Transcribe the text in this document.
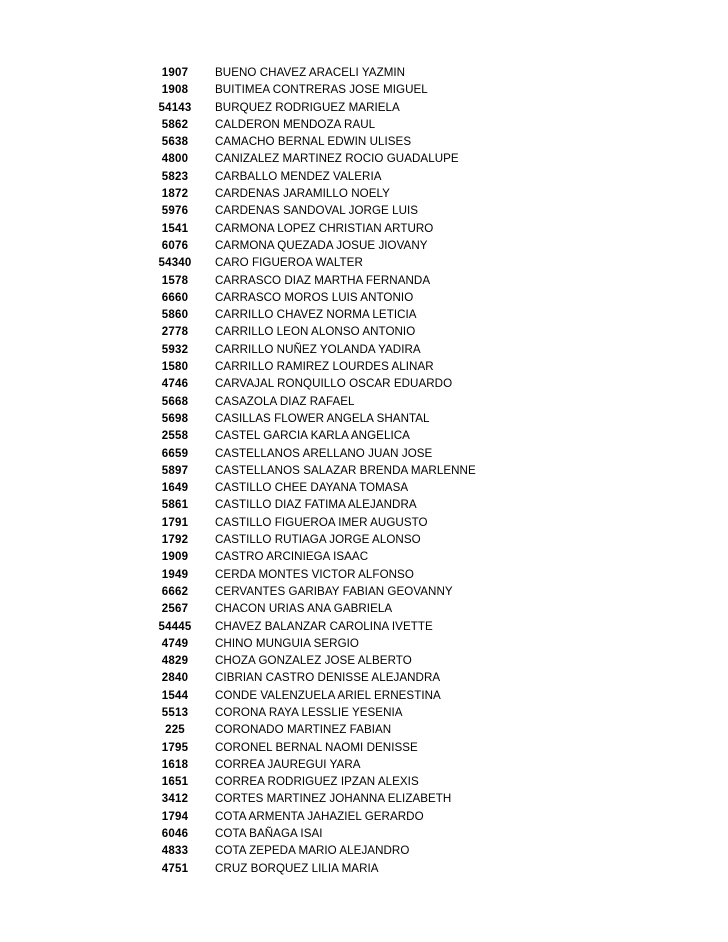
1907	BUENO CHAVEZ ARACELI YAZMIN
1908	BUITIMEA CONTRERAS JOSE MIGUEL
54143	BURQUEZ RODRIGUEZ MARIELA
5862	CALDERON MENDOZA RAUL
5638	CAMACHO BERNAL EDWIN ULISES
4800	CANIZALEZ MARTINEZ ROCIO GUADALUPE
5823	CARBALLO MENDEZ VALERIA
1872	CARDENAS JARAMILLO NOELY
5976	CARDENAS SANDOVAL JORGE LUIS
1541	CARMONA LOPEZ CHRISTIAN ARTURO
6076	CARMONA QUEZADA JOSUE JIOVANY
54340	CARO FIGUEROA WALTER
1578	CARRASCO DIAZ MARTHA FERNANDA
6660	CARRASCO MOROS LUIS ANTONIO
5860	CARRILLO CHAVEZ NORMA LETICIA
2778	CARRILLO LEON ALONSO ANTONIO
5932	CARRILLO NUÑEZ YOLANDA YADIRA
1580	CARRILLO RAMIREZ LOURDES ALINAR
4746	CARVAJAL RONQUILLO OSCAR EDUARDO
5668	CASAZOLA DIAZ RAFAEL
5698	CASILLAS FLOWER ANGELA SHANTAL
2558	CASTEL GARCIA KARLA ANGELICA
6659	CASTELLANOS ARELLANO JUAN JOSE
5897	CASTELLANOS SALAZAR BRENDA MARLENNE
1649	CASTILLO CHEE DAYANA TOMASA
5861	CASTILLO DIAZ FATIMA ALEJANDRA
1791	CASTILLO FIGUEROA IMER AUGUSTO
1792	CASTILLO RUTIAGA JORGE ALONSO
1909	CASTRO ARCINIEGA ISAAC
1949	CERDA MONTES VICTOR ALFONSO
6662	CERVANTES GARIBAY FABIAN GEOVANNY
2567	CHACON URIAS ANA GABRIELA
54445	CHAVEZ BALANZAR CAROLINA IVETTE
4749	CHINO MUNGUIA SERGIO
4829	CHOZA GONZALEZ JOSE ALBERTO
2840	CIBRIAN CASTRO DENISSE ALEJANDRA
1544	CONDE VALENZUELA ARIEL ERNESTINA
5513	CORONA RAYA LESSLIE YESENIA
225	CORONADO MARTINEZ FABIAN
1795	CORONEL BERNAL NAOMI DENISSE
1618	CORREA JAUREGUI YARA
1651	CORREA RODRIGUEZ IPZAN ALEXIS
3412	CORTES MARTINEZ JOHANNA ELIZABETH
1794	COTA ARMENTA JAHAZIEL GERARDO
6046	COTA BAÑAGA ISAI
4833	COTA ZEPEDA MARIO ALEJANDRO
4751	CRUZ BORQUEZ LILIA MARIA
